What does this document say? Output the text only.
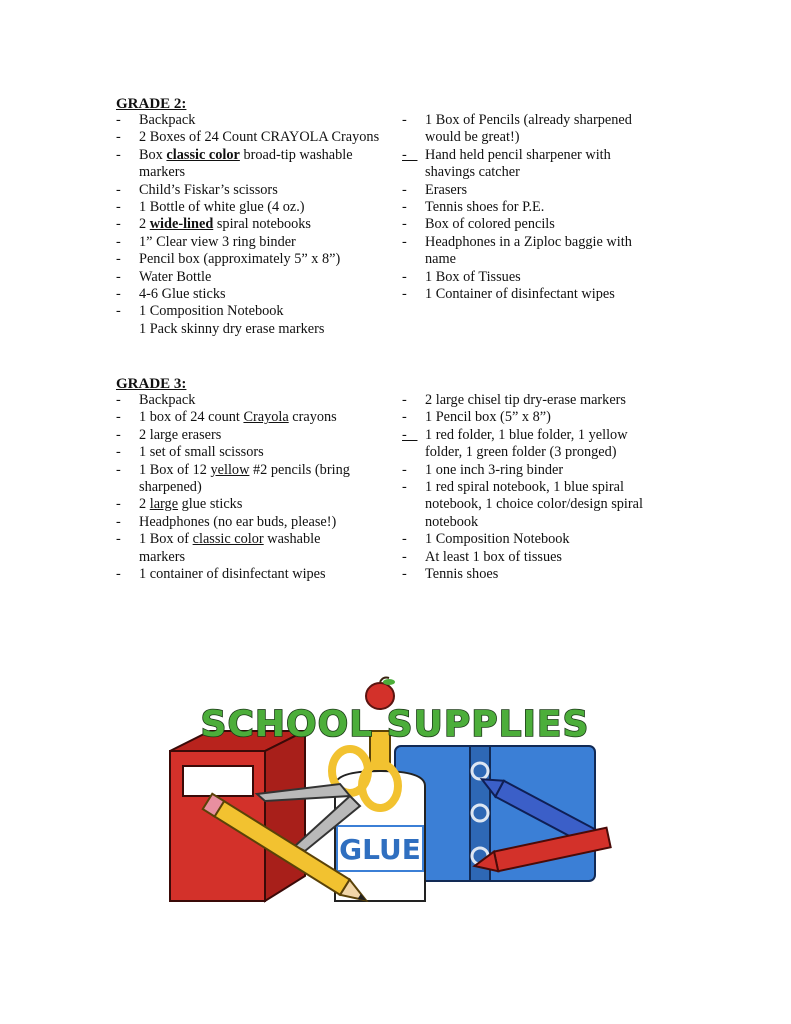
GRADE 2:
- Backpack
- 2 Boxes of 24 Count CRAYOLA Crayons
- Box classic color broad-tip washable
markers
- Child’s Fiskar’s scissors
- 1 Bottle of white glue (4 oz.)
- 2 wide-lined spiral notebooks
- 1” Clear view 3 ring binder
- Pencil box (approximately 5” x 8”)
- Water Bottle
- 4-6 Glue sticks
- 1 Composition Notebook
1 Pack skinny dry erase markers
- 1 Box of Pencils (already sharpened
would be great!)
- Hand held pencil sharpener with
shavings catcher
- Erasers
- Tennis shoes for P.E.
- Box of colored pencils
- Headphones in a Ziploc baggie with
name
- 1 Box of Tissues
- 1 Container of disinfectant wipes
GRADE 3:
- Backpack
- 1 box of 24 count Crayola crayons
- 2 large erasers
- 1 set of small scissors
- 1 Box of 12 yellow #2 pencils (bring
sharpened)
- 2 large glue sticks
- Headphones (no ear buds, please!)
- 1 Box of classic color washable
markers
- 1 container of disinfectant wipes
- 2 large chisel tip dry-erase markers
- 1 Pencil box (5” x 8”)
- 1 red folder, 1 blue folder, 1 yellow
folder, 1 green folder (3 pronged)
- 1 one inch 3-ring binder
- 1 red spiral notebook, 1 blue spiral
notebook, 1 choice color/design spiral
notebook
- 1 Composition Notebook
- At least 1 box of tissues
- Tennis shoes
GLUE
SCHOOL SUPPLIES
